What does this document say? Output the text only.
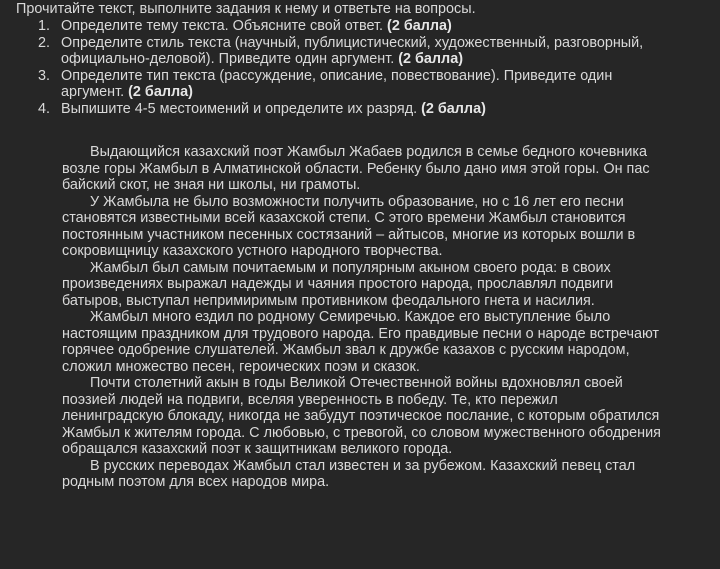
Прочитайте текст, выполните задания к нему и ответьте на вопросы.
1. Определите тему текста. Объясните свой ответ. (2 балла)
2. Определите стиль текста (научный, публицистический, художественный, разговорный, официально-деловой). Приведите один аргумент. (2 балла)
3. Определите тип текста (рассуждение, описание, повествование). Приведите один аргумент. (2 балла)
4. Выпишите 4-5 местоимений и определите их разряд. (2 балла)

Выдающийся казахский поэт Жамбыл Жабаев родился в семье бедного кочевника возле горы Жамбыл в Алматинской области. Ребенку было дано имя этой горы. Он пас байский скот, не зная ни школы, ни грамоты.

У Жамбыла не было возможности получить образование, но с 16 лет его песни становятся известными всей казахской степи. С этого времени Жамбыл становится постоянным участником песенных состязаний – айтысов, многие из которых вошли в сокровищницу казахского устного народного творчества.

Жамбыл был самым почитаемым и популярным акыном своего рода: в своих произведениях выражал надежды и чаяния простого народа, прославлял подвиги батыров, выступал непримиримым противником феодального гнета и насилия.

Жамбыл много ездил по родному Семиречью. Каждое его выступление было настоящим праздником для трудового народа. Его правдивые песни о народе встречают горячее одобрение слушателей. Жамбыл звал к дружбе казахов с русским народом, сложил множество песен, героических поэм и сказок.

Почти столетний акын в годы Великой Отечественной войны вдохновлял своей поэзией людей на подвиги, вселяя уверенность в победу. Те, кто пережил ленинградскую блокаду, никогда не забудут поэтическое послание, с которым обратился Жамбыл к жителям города. С любовью, с тревогой, со словом мужественного ободрения обращался казахский поэт к защитникам великого города.

В русских переводах Жамбыл стал известен и за рубежом. Казахский певец стал родным поэтом для всех народов мира.
